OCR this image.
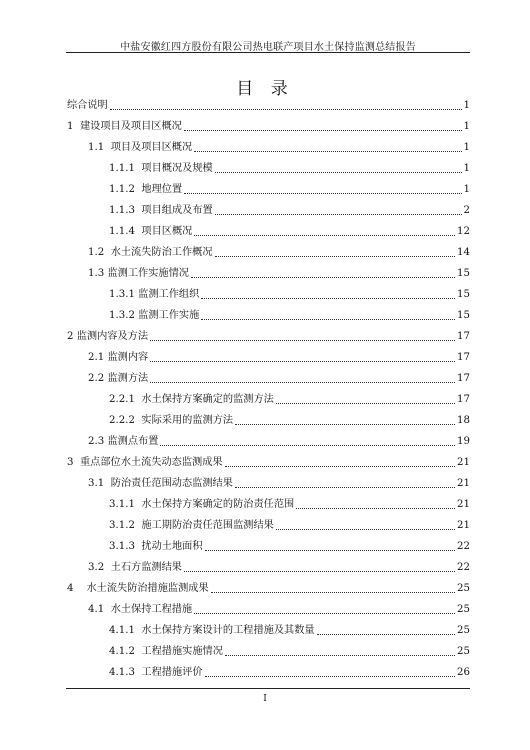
中盐安徽红四方股份有限公司热电联产项目水土保持监测总结报告
目 录
综合说明	1
1 建设项目及项目区概况	1
1.1 项目及项目区概况	1
1.1.1 项目概况及规模	1
1.1.2 地理位置	1
1.1.3 项目组成及布置	2
1.1.4 项目区概况	12
1.2 水土流失防治工作概况	14
1.3 监测工作实施情况	15
1.3.1 监测工作组织	15
1.3.2 监测工作实施	15
2 监测内容及方法	17
2.1 监测内容	17
2.2 监测方法	17
2.2.1 水土保持方案确定的监测方法	17
2.2.2 实际采用的监测方法	18
2.3 监测点布置	19
3 重点部位水土流失动态监测成果	21
3.1 防治责任范围动态监测结果	21
3.1.1 水土保持方案确定的防治责任范围	21
3.1.2 施工期防治责任范围监测结果	21
3.1.3 扰动土地面积	22
3.2 土石方监测结果	22
4 水土流失防治措施监测成果	25
4.1 水土保持工程措施	25
4.1.1 水土保持方案设计的工程措施及其数量	25
4.1.2 工程措施实施情况	25
4.1.3 工程措施评价	26
I
